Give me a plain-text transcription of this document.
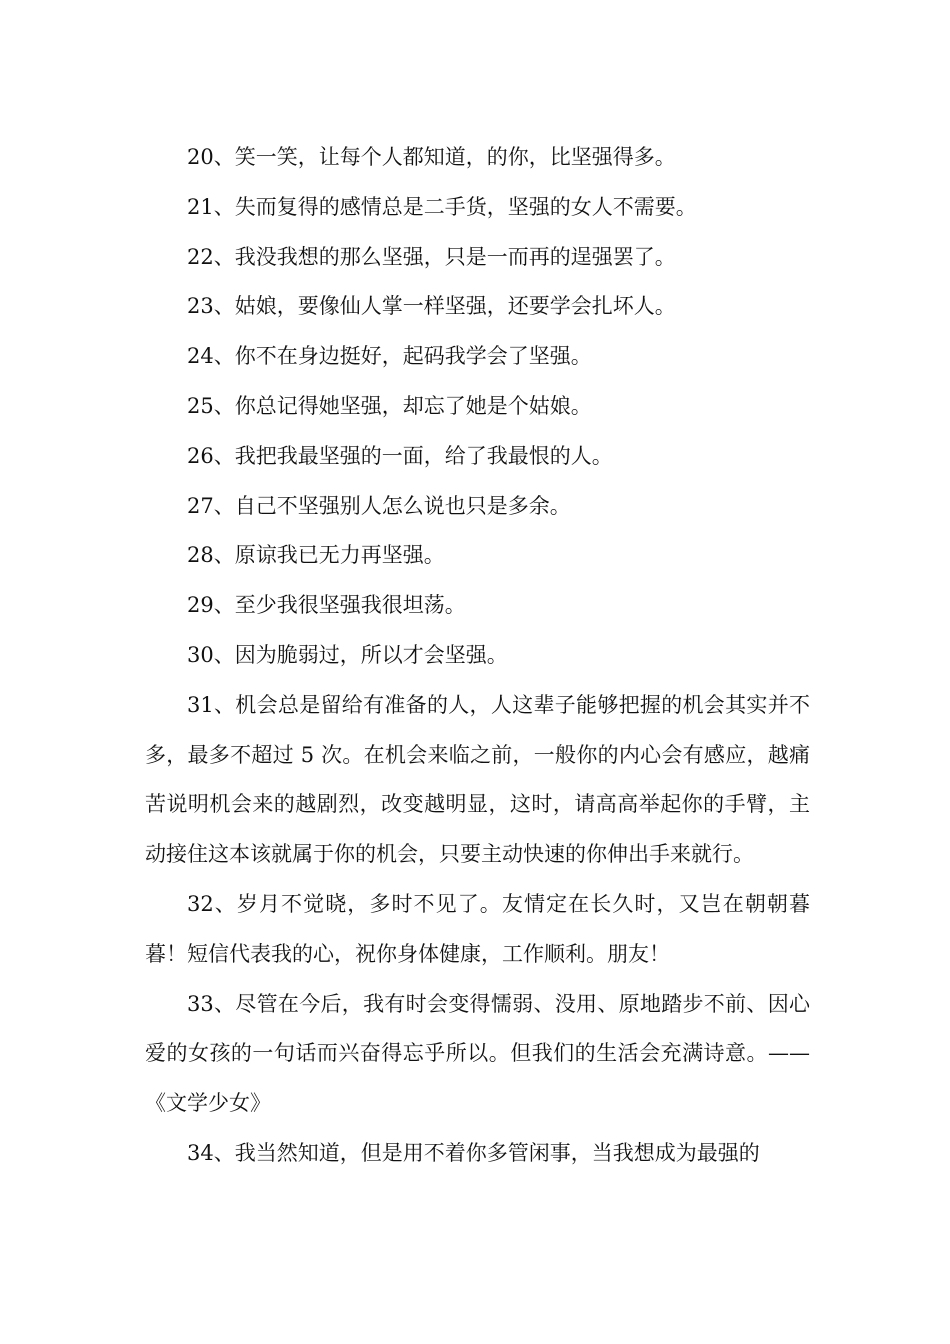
20、笑一笑，让每个人都知道，的你，比坚强得多。

21、失而复得的感情总是二手货，坚强的女人不需要。

22、我没我想的那么坚强，只是一而再的逞强罢了。

23、姑娘，要像仙人掌一样坚强，还要学会扎坏人。

24、你不在身边挺好，起码我学会了坚强。

25、你总记得她坚强，却忘了她是个姑娘。

26、我把我最坚强的一面，给了我最恨的人。

27、自己不坚强别人怎么说也只是多余。

28、原谅我已无力再坚强。

29、至少我很坚强我很坦荡。

30、因为脆弱过，所以才会坚强。

31、机会总是留给有准备的人，人这辈子能够把握的机会其实并不多，最多不超过 5 次。在机会来临之前，一般你的内心会有感应，越痛苦说明机会来的越剧烈，改变越明显，这时，请高高举起你的手臂，主动接住这本该就属于你的机会，只要主动快速的你伸出手来就行。

32、岁月不觉晓，多时不见了。友情定在长久时，又岂在朝朝暮暮！短信代表我的心，祝你身体健康，工作顺利。朋友！

33、尽管在今后，我有时会变得懦弱、没用、原地踏步不前、因心爱的女孩的一句话而兴奋得忘乎所以。但我们的生活会充满诗意。——《文学少女》

34、我当然知道，但是用不着你多管闲事，当我想成为最强的
